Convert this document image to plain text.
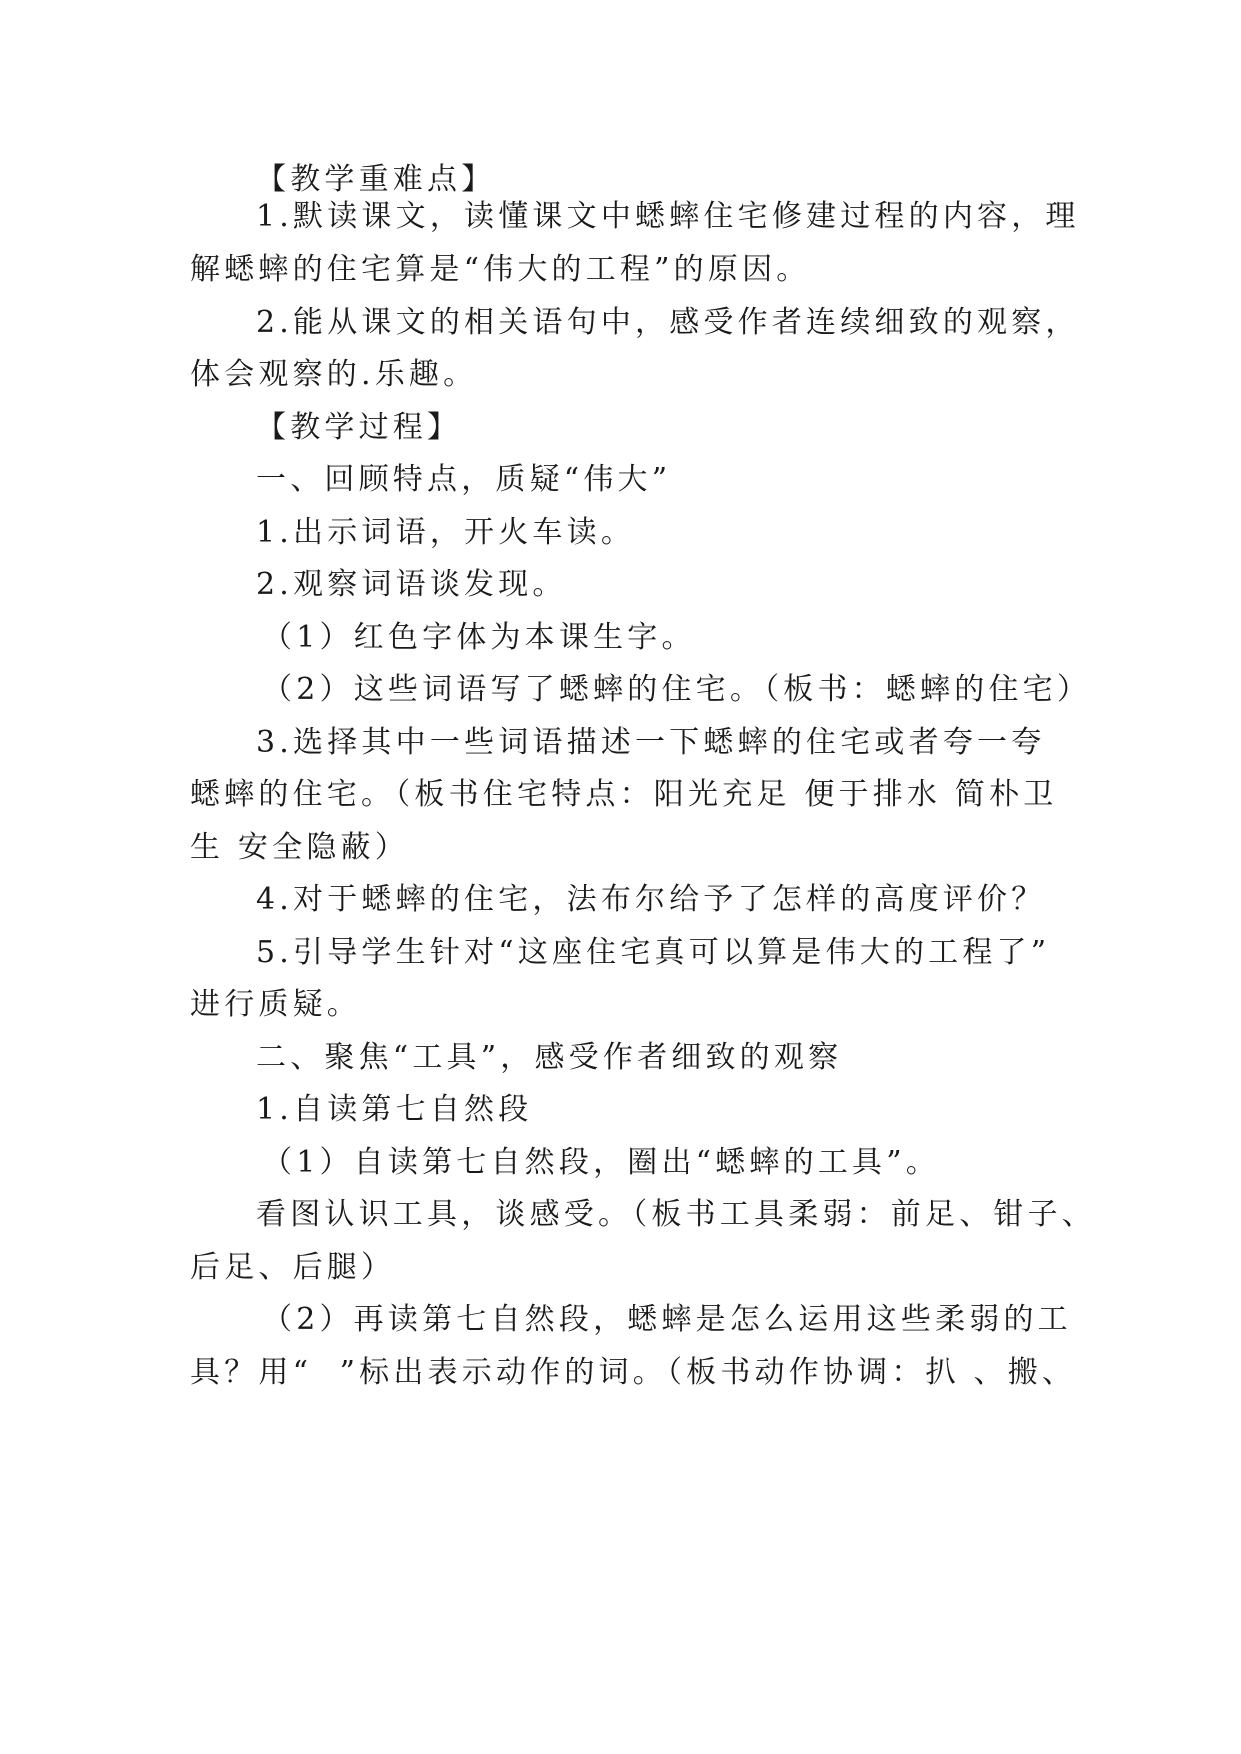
【教学重难点】
1.默读课文，读懂课文中蟋蟀住宅修建过程的内容，理
解蟋蟀的住宅算是“伟大的工程”的原因。
2.能从课文的相关语句中，感受作者连续细致的观察，
体会观察的.乐趣。
【教学过程】
一、回顾特点，质疑“伟大”
1.出示词语，开火车读。
2.观察词语谈发现。
（1）红色字体为本课生字。
（2）这些词语写了蟋蟀的住宅。（板书：蟋蟀的住宅）
3.选择其中一些词语描述一下蟋蟀的住宅或者夸一夸
蟋蟀的住宅。（板书住宅特点：阳光充足 便于排水 简朴卫
生 安全隐蔽）
4.对于蟋蟀的住宅，法布尔给予了怎样的高度评价？
5.引导学生针对“这座住宅真可以算是伟大的工程了”
进行质疑。
二、聚焦“工具”，感受作者细致的观察
1.自读第七自然段
（1）自读第七自然段，圈出“蟋蟀的工具”。
看图认识工具，谈感受。（板书工具柔弱：前足、钳子、
后足、后腿）
（2）再读第七自然段，蟋蟀是怎么运用这些柔弱的工
具？用“  ”标出表示动作的词。（板书动作协调：扒 、搬、
